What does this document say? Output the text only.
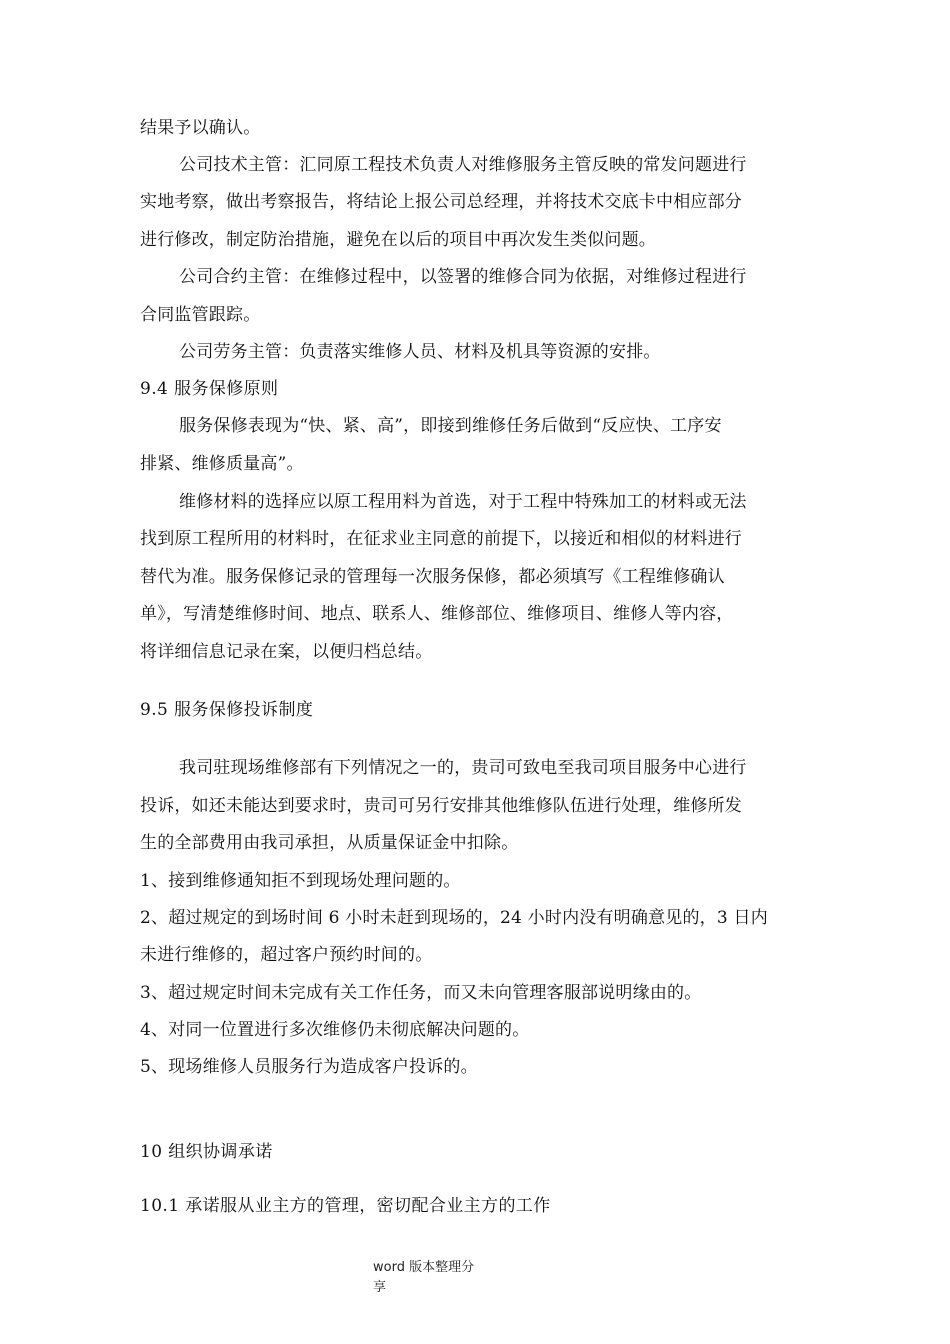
结果予以确认。
公司技术主管：汇同原工程技术负责人对维修服务主管反映的常发问题进行
实地考察，做出考察报告，将结论上报公司总经理，并将技术交底卡中相应部分
进行修改，制定防治措施，避免在以后的项目中再次发生类似问题。
公司合约主管：在维修过程中，以签署的维修合同为依据，对维修过程进行
合同监管跟踪。
公司劳务主管：负责落实维修人员、材料及机具等资源的安排。
9.4 服务保修原则
服务保修表现为“快、紧、高”，即接到维修任务后做到“反应快、工序安
排紧、维修质量高”。
维修材料的选择应以原工程用料为首选，对于工程中特殊加工的材料或无法
找到原工程所用的材料时，在征求业主同意的前提下，以接近和相似的材料进行
替代为准。服务保修记录的管理每一次服务保修，都必须填写《工程维修确认
单》，写清楚维修时间、地点、联系人、维修部位、维修项目、维修人等内容，
将详细信息记录在案，以便归档总结。
9.5 服务保修投诉制度
我司驻现场维修部有下列情况之一的，贵司可致电至我司项目服务中心进行
投诉，如还未能达到要求时，贵司可另行安排其他维修队伍进行处理，维修所发
生的全部费用由我司承担，从质量保证金中扣除。
1、接到维修通知拒不到现场处理问题的。
2、超过规定的到场时间 6 小时未赶到现场的，24 小时内没有明确意见的，3 日内
未进行维修的，超过客户预约时间的。
3、超过规定时间未完成有关工作任务，而又未向管理客服部说明缘由的。
4、对同一位置进行多次维修仍未彻底解决问题的。
5、现场维修人员服务行为造成客户投诉的。
10 组织协调承诺
10.1 承诺服从业主方的管理，密切配合业主方的工作
word 版本整理分享
